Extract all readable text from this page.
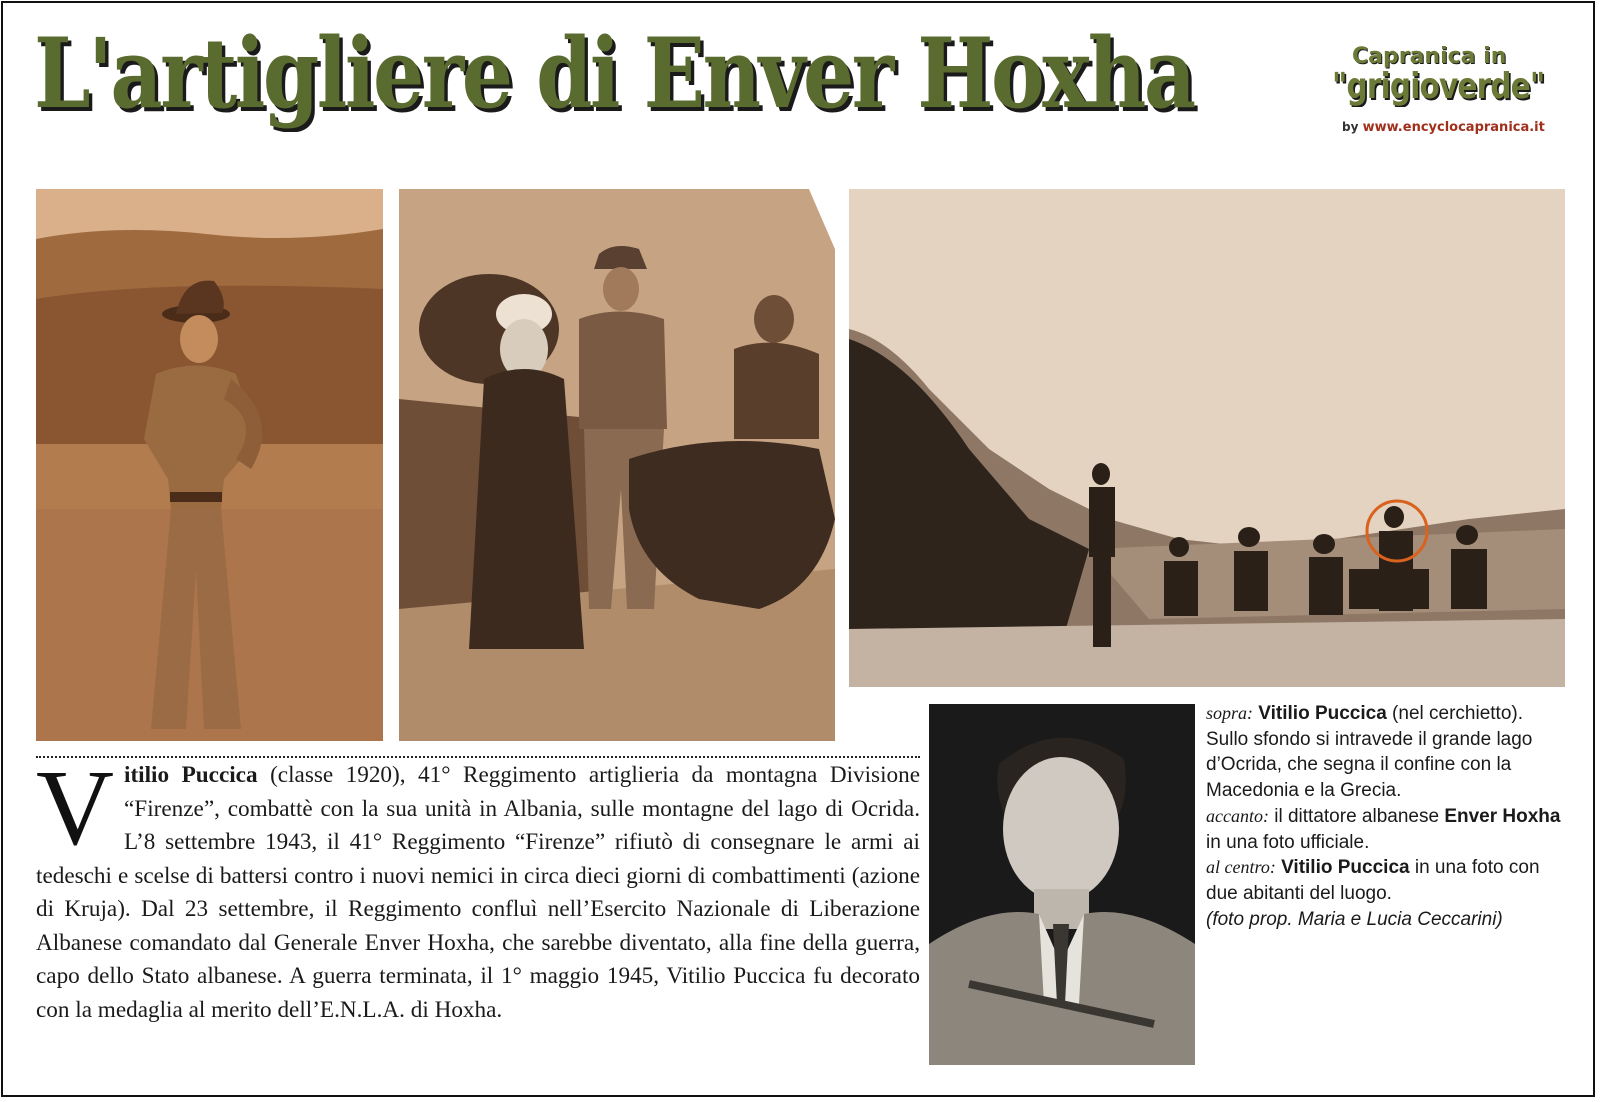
L'artigliere di Enver Hoxha	Capranica in
"grigioverde"
by www.encyclocapranica.it

Vitilio Puccica (classe 1920), 41° Reggimento artiglieria da montagna Divisione “Firenze”, combattè con la sua unità in Albania, sulle montagne del lago di Ocrida. L’8 settembre 1943, il 41° Reggimento “Firenze” rifiutò di consegnare le armi ai tedeschi e scelse di battersi contro i nuovi nemici in circa dieci giorni di combattimenti (azione di Kruja). Dal 23 settembre, il Reggimento confluì nell’Esercito Nazionale di Liberazione Albanese comandato dal Generale Enver Hoxha, che sarebbe diventato, alla fine della guerra, capo dello Stato albanese. A guerra terminata, il 1° maggio 1945, Vitilio Puccica fu decorato con la medaglia al merito dell’E.N.L.A. di Hoxha.

sopra: Vitilio Puccica (nel cerchietto).
Sullo sfondo si intravede il grande lago d’Ocrida, che segna il confine con la Macedonia e la Grecia.
accanto: il dittatore albanese Enver Hoxha in una foto ufficiale.
al centro: Vitilio Puccica in una foto con due abitanti del luogo.
(foto prop. Maria e Lucia Ceccarini)
